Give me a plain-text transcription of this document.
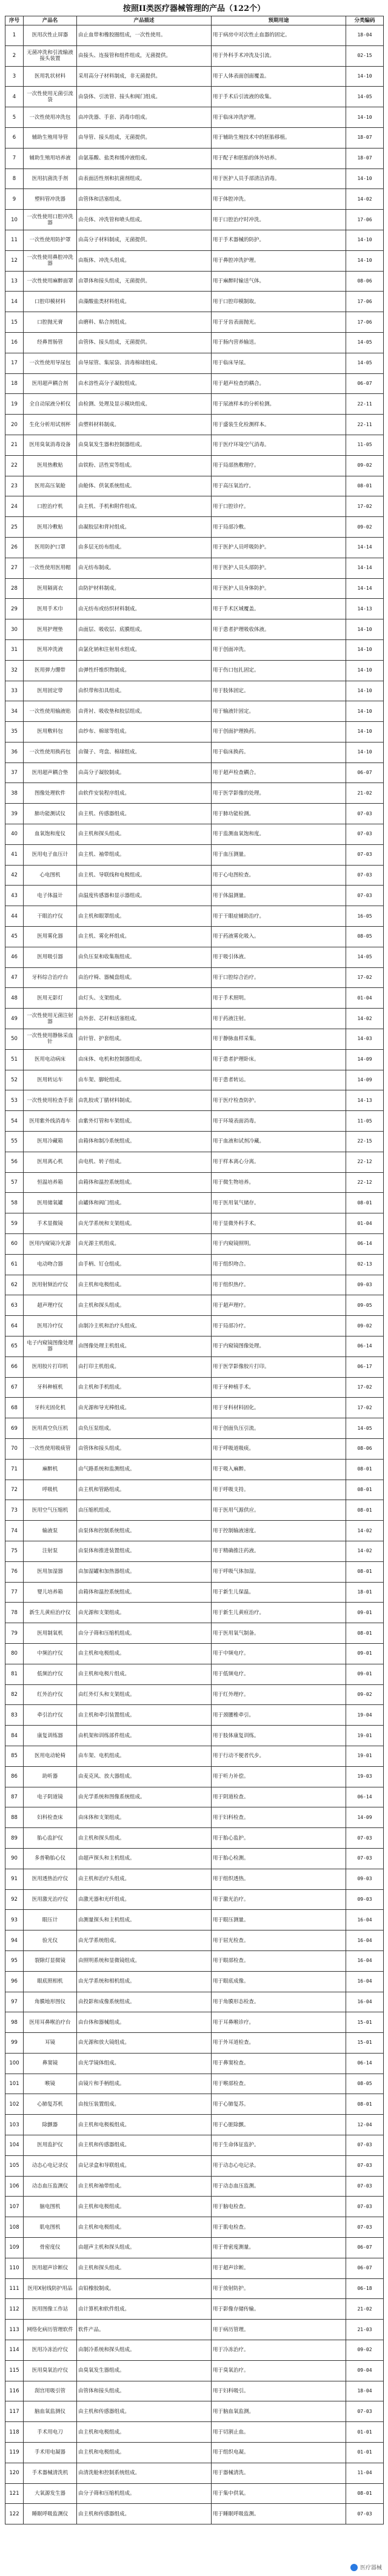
按照II类医疗器械管理的产品（122个）
序号	产品名	产品描述	预期用途	分类编码
1	医用次性止屏器	由止血带和橡胶圈组成，一次性使用。	用于病房中对次性止血器的固定。	18-04
2	无菌冲洗和引流输液接头装置	由接头、连接管和组件组成，无菌提供。	用于外科手术冲洗及引流。	02-15
3	医用乳状材料	采用高分子材料制成，非无菌提供。	用于人体表面创面覆盖。	14-10
4	一次性使用无菌引流袋	由袋体、引流管、接头和阀门组成。	用于手术后引流液的收集。	14-05
5	一次性使用冲洗包	由冲洗器、手套、消毒巾组成。	用于临床冲洗护理。	14-10
6	辅助生殖用导管	由导管、接头组成，无菌提供。	用于辅助生殖技术中的胚胎移植。	18-07
7	辅助生殖用培养液	由氨基酸、盐类和缓冲液组成。	用于配子和胚胎的体外培养。	18-07
8	医用抗菌洗手剂	由表面活性剂和抗菌剂组成。	用于医护人员手部清洁消毒。	14-10
9	塑料管冲洗器	由管体和活塞组成。	用于体腔冲洗。	14-02
10	一次性使用口腔冲洗器	由壳体、冲洗管和喷头组成。	用于口腔治疗时冲洗。	17-06
11	一次性使用防护罩	由高分子材料制成，无菌提供。	用于手术器械的防护。	14-10
12	一次性使用鼻腔冲洗器	由瓶体、冲洗头组成。	用于鼻腔冲洗护理。	14-10
13	一次性使用麻醉面罩	由罩体和接头组成，无菌提供。	用于麻醉时输送气体。	08-06
14	口腔印模材料	由藻酸盐类材料组成。	用于口腔印模制取。	17-06
15	口腔抛光膏	由磨料、粘合剂组成。	用于牙齿表面抛光。	17-06
16	经鼻胃肠管	由管体、接头组成，无菌提供。	用于肠内营养输送。	14-05
17	一次性使用导尿包	由导尿管、集尿袋、消毒棉球组成。	用于临床导尿。	14-05
18	医用超声耦合剂	由水溶性高分子凝胶组成。	用于超声检查的耦合。	06-07
19	全自动尿液分析仪	由检测、处理及显示模块组成。	用于尿液样本的分析检测。	22-11
20	生化分析用试剂杯	由塑料材料制成。	用于盛装生化检测样本。	22-11
21	医用臭氧消毒设备	由臭氧发生器和控制器组成。	用于医疗环境空气消毒。	11-05
22	医用热敷贴	由铁粉、活性炭等组成。	用于局部热敷理疗。	09-02
23	医用高压氧舱	由舱体、供氧系统组成。	用于高压氧治疗。	08-01
24	口腔治疗机	由主机、手机和附件组成。	用于口腔诊疗。	17-02
25	医用冷敷贴	由凝胶层和背衬组成。	用于局部冷敷。	09-02
26	医用防护口罩	由多层无纺布组成。	用于医护人员呼吸防护。	14-14
27	一次性使用医用帽	由无纺布制成。	用于医护人员头部防护。	14-14
28	医用隔离衣	由防护材料制成。	用于医护人员身体防护。	14-14
29	医用手术巾	由无纺布或纺织材料制成。	用于手术区域覆盖。	14-13
30	医用护理垫	由面层、吸收层、底膜组成。	用于患者护理吸收体液。	14-10
31	医用冲洗液	由氯化钠和注射用水组成。	用于创面冲洗。	14-10
32	医用弹力绷带	由弹性纤维织物制成。	用于伤口包扎固定。	14-10
33	医用固定带	由织带和扣具组成。	用于肢体固定。	14-10
34	一次性使用输液贴	由背衬、吸收垫和胶层组成。	用于输液针固定。	14-10
35	医用敷料包	由纱布、棉球等组成。	用于创面护理换药。	14-10
36	一次性使用换药包	由镊子、弯盘、棉球组成。	用于临床换药。	14-10
37	医用超声耦合垫	由高分子凝胶制成。	用于超声检查耦合。	06-07
38	图像处理软件	由软件安装程序组成。	用于医学影像的处理。	21-02
39	肺功能测试仪	由主机、传感器组成。	用于肺功能检测。	07-03
40	血氧饱和度仪	由主机和探头组成。	用于监测血氧饱和度。	07-03
41	医用电子血压计	由主机、袖带组成。	用于血压测量。	07-03
42	心电图机	由主机、导联线和电极组成。	用于心电图检查。	07-03
43	电子体温计	由温度传感器和显示器组成。	用于体温测量。	07-03
44	干眼治疗仪	由主机和眼罩组成。	用于干眼症辅助治疗。	16-05
45	医用雾化器	由主机、雾化杯组成。	用于药液雾化吸入。	08-05
46	医用吸引器	由负压泵和收集瓶组成。	用于吸引体液。	14-05
47	牙科综合治疗台	由治疗椅、器械盘组成。	用于口腔综合治疗。	17-02
48	医用无影灯	由灯头、支架组成。	用于手术照明。	01-04
49	一次性使用无菌注射器	由外套、芯杆和活塞组成。	用于药液注射。	14-02
50	一次性使用静脉采血针	由针管、护套组成。	用于静脉血样采集。	14-03
51	医用电动病床	由床体、电机和控制器组成。	用于患者护理卧床。	14-09
52	医用转运车	由车架、脚轮组成。	用于患者转运。	14-09
53	一次性使用检查手套	由乳胶或丁腈材料制成。	用于医疗检查防护。	14-13
54	医用紫外线消毒车	由紫外灯管和车架组成。	用于环境表面消毒。	11-05
55	医用冷藏箱	由箱体和制冷系统组成。	用于血液和试剂冷藏。	22-15
56	医用离心机	由电机、转子组成。	用于样本离心分离。	22-12
57	恒温培养箱	由箱体和温控系统组成。	用于微生物培养。	22-12
58	医用储氧罐	由罐体和阀门组成。	用于医用氧气储存。	08-01
59	手术显微镜	由光学系统和支架组成。	用于显微外科手术。	01-04
60	医用内窥镜冷光源	由光源主机组成。	用于内窥镜照明。	06-14
61	电动吻合器	由手柄、钉仓组成。	用于组织吻合。	02-13
62	医用射频治疗仪	由主机和电极组成。	用于组织热疗。	09-03
63	超声理疗仪	由主机和探头组成。	用于超声理疗。	09-05
64	医用冷疗仪	由制冷主机和治疗头组成。	用于局部冷疗。	09-02
65	电子内窥镜图像处理器	由图像处理主机组成。	用于内窥镜图像处理。	06-14
66	医用胶片打印机	由打印主机组成。	用于医学影像胶片打印。	06-17
67	牙科种植机	由主机和手机组成。	用于牙种植手术。	17-02
68	牙科光固化机	由光源和导光棒组成。	用于牙科材料固化。	17-02
69	医用真空负压机	由负压泵组成。	用于创面负压引流。	14-05
70	一次性使用吸痰管	由管体和接头组成。	用于呼吸道吸痰。	08-06
71	麻醉机	由气路系统和监测组成。	用于吸入麻醉。	08-01
72	呼吸机	由主机和管路组成。	用于呼吸支持。	08-01
73	医用空气压缩机	由压缩机组成。	用于医用气源供应。	08-01
74	输液泵	由泵体和控制系统组成。	用于控制输液速度。	14-02
75	注射泵	由泵体和推进装置组成。	用于精确推注药液。	14-02
76	医用加湿器	由加湿罐和加热器组成。	用于呼吸气体加湿。	08-01
77	婴儿培养箱	由箱体和温控系统组成。	用于新生儿保温。	18-01
78	新生儿黄疸治疗仪	由光源和支架组成。	用于新生儿黄疸治疗。	09-01
79	医用制氧机	由分子筛和压缩机组成。	用于医用氧气制备。	08-01
80	中频治疗仪	由主机和电极组成。	用于中频电疗。	09-01
81	低频治疗仪	由主机和电极片组成。	用于低频电疗。	09-01
82	红外治疗仪	由红外灯头和支架组成。	用于红外理疗。	09-02
83	牵引治疗仪	由主机和牵引装置组成。	用于颈腰椎牵引。	19-04
84	康复训练器	由机架和训练部件组成。	用于肢体康复训练。	19-01
85	医用电动轮椅	由车架、电机组成。	用于行动不便者代步。	19-01
86	助听器	由麦克风、放大器组成。	用于听力补偿。	19-03
87	电子阴道镜	由光学系统和图像系统组成。	用于阴道检查。	06-14
88	妇科检查床	由床体和支架组成。	用于妇科检查。	14-09
89	胎心监护仪	由主机和探头组成。	用于胎心监护。	07-03
90	多普勒胎心仪	由超声探头和主机组成。	用于胎心检测。	07-03
91	医用透热治疗仪	由主机和治疗头组成。	用于组织透热。	09-03
92	医用激光治疗仪	由激光器和光纤组成。	用于激光治疗。	09-03
93	眼压计	由测量探头和主机组成。	用于眼压测量。	16-04
94	验光仪	由光学系统组成。	用于屈光检查。	16-04
95	裂隙灯显微镜	由照明系统和显微镜组成。	用于眼部检查。	16-04
96	眼底照相机	由光学系统和相机组成。	用于眼底成像。	16-04
97	角膜地形图仪	由投影和成像系统组成。	用于角膜形态检查。	16-04
98	医用耳鼻喉治疗台	由台体和器械组成。	用于耳鼻喉诊疗。	15-01
99	耳镜	由光源和放大镜组成。	用于外耳道检查。	15-01
100	鼻窦镜	由光学镜体组成。	用于鼻窦检查。	06-14
101	喉镜	由镜片和手柄组成。	用于喉部检查。	08-05
102	心肺复苏机	由按压装置组成。	用于心肺复苏。	08-01
103	除颤器	由主机和电极板组成。	用于心脏除颤。	12-04
104	医用监护仪	由主机和传感器组成。	用于生命体征监护。	07-03
105	动态心电记录仪	由记录盒和导联组成。	用于动态心电记录。	07-03
106	动态血压监测仪	由主机和袖带组成。	用于动态血压监测。	07-03
107	脑电图机	由主机和电极组成。	用于脑电检查。	07-03
108	肌电图机	由主机和电极组成。	用于肌电检查。	07-03
109	骨密度仪	由超声主机和探头组成。	用于骨密度测量。	06-07
110	医用超声诊断仪	由主机和探头组成。	用于超声诊断。	06-07
111	医用X射线防护用品	由铅橡胶制成。	用于放射防护。	06-18
112	医用图像工作站	由计算机和软件组成。	用于影像存储传输。	21-02
113	网络化病历管理软件	软件产品。	用于病历管理。	21-03
114	医用冷冻治疗仪	由制冷系统和探头组成。	用于冷冻治疗。	09-02
115	医用臭氧治疗仪	由臭氧发生器组成。	用于臭氧治疗。	09-04
116	刮宫用吸引管	由管体和接头组成。	用于妇科吸引。	18-04
117	脑血氧监测仪	由主机和传感器组成。	用于脑血氧监测。	07-03
118	手术用电刀	由主机和电极组成。	用于切割止血。	01-01
119	手术用电凝器	由主机和电极组成。	用于组织电凝。	01-01
120	手术器械清洗机	由清洗舱和控制系统组成。	用于器械清洗。	11-04
121	大氧源发生器	由分子筛和压缩机组成。	用于集中供氧。	08-01
122	睡眠呼吸监测仪	由主机和传感器组成。	用于睡眠呼吸监测。	07-03
医疗器械
